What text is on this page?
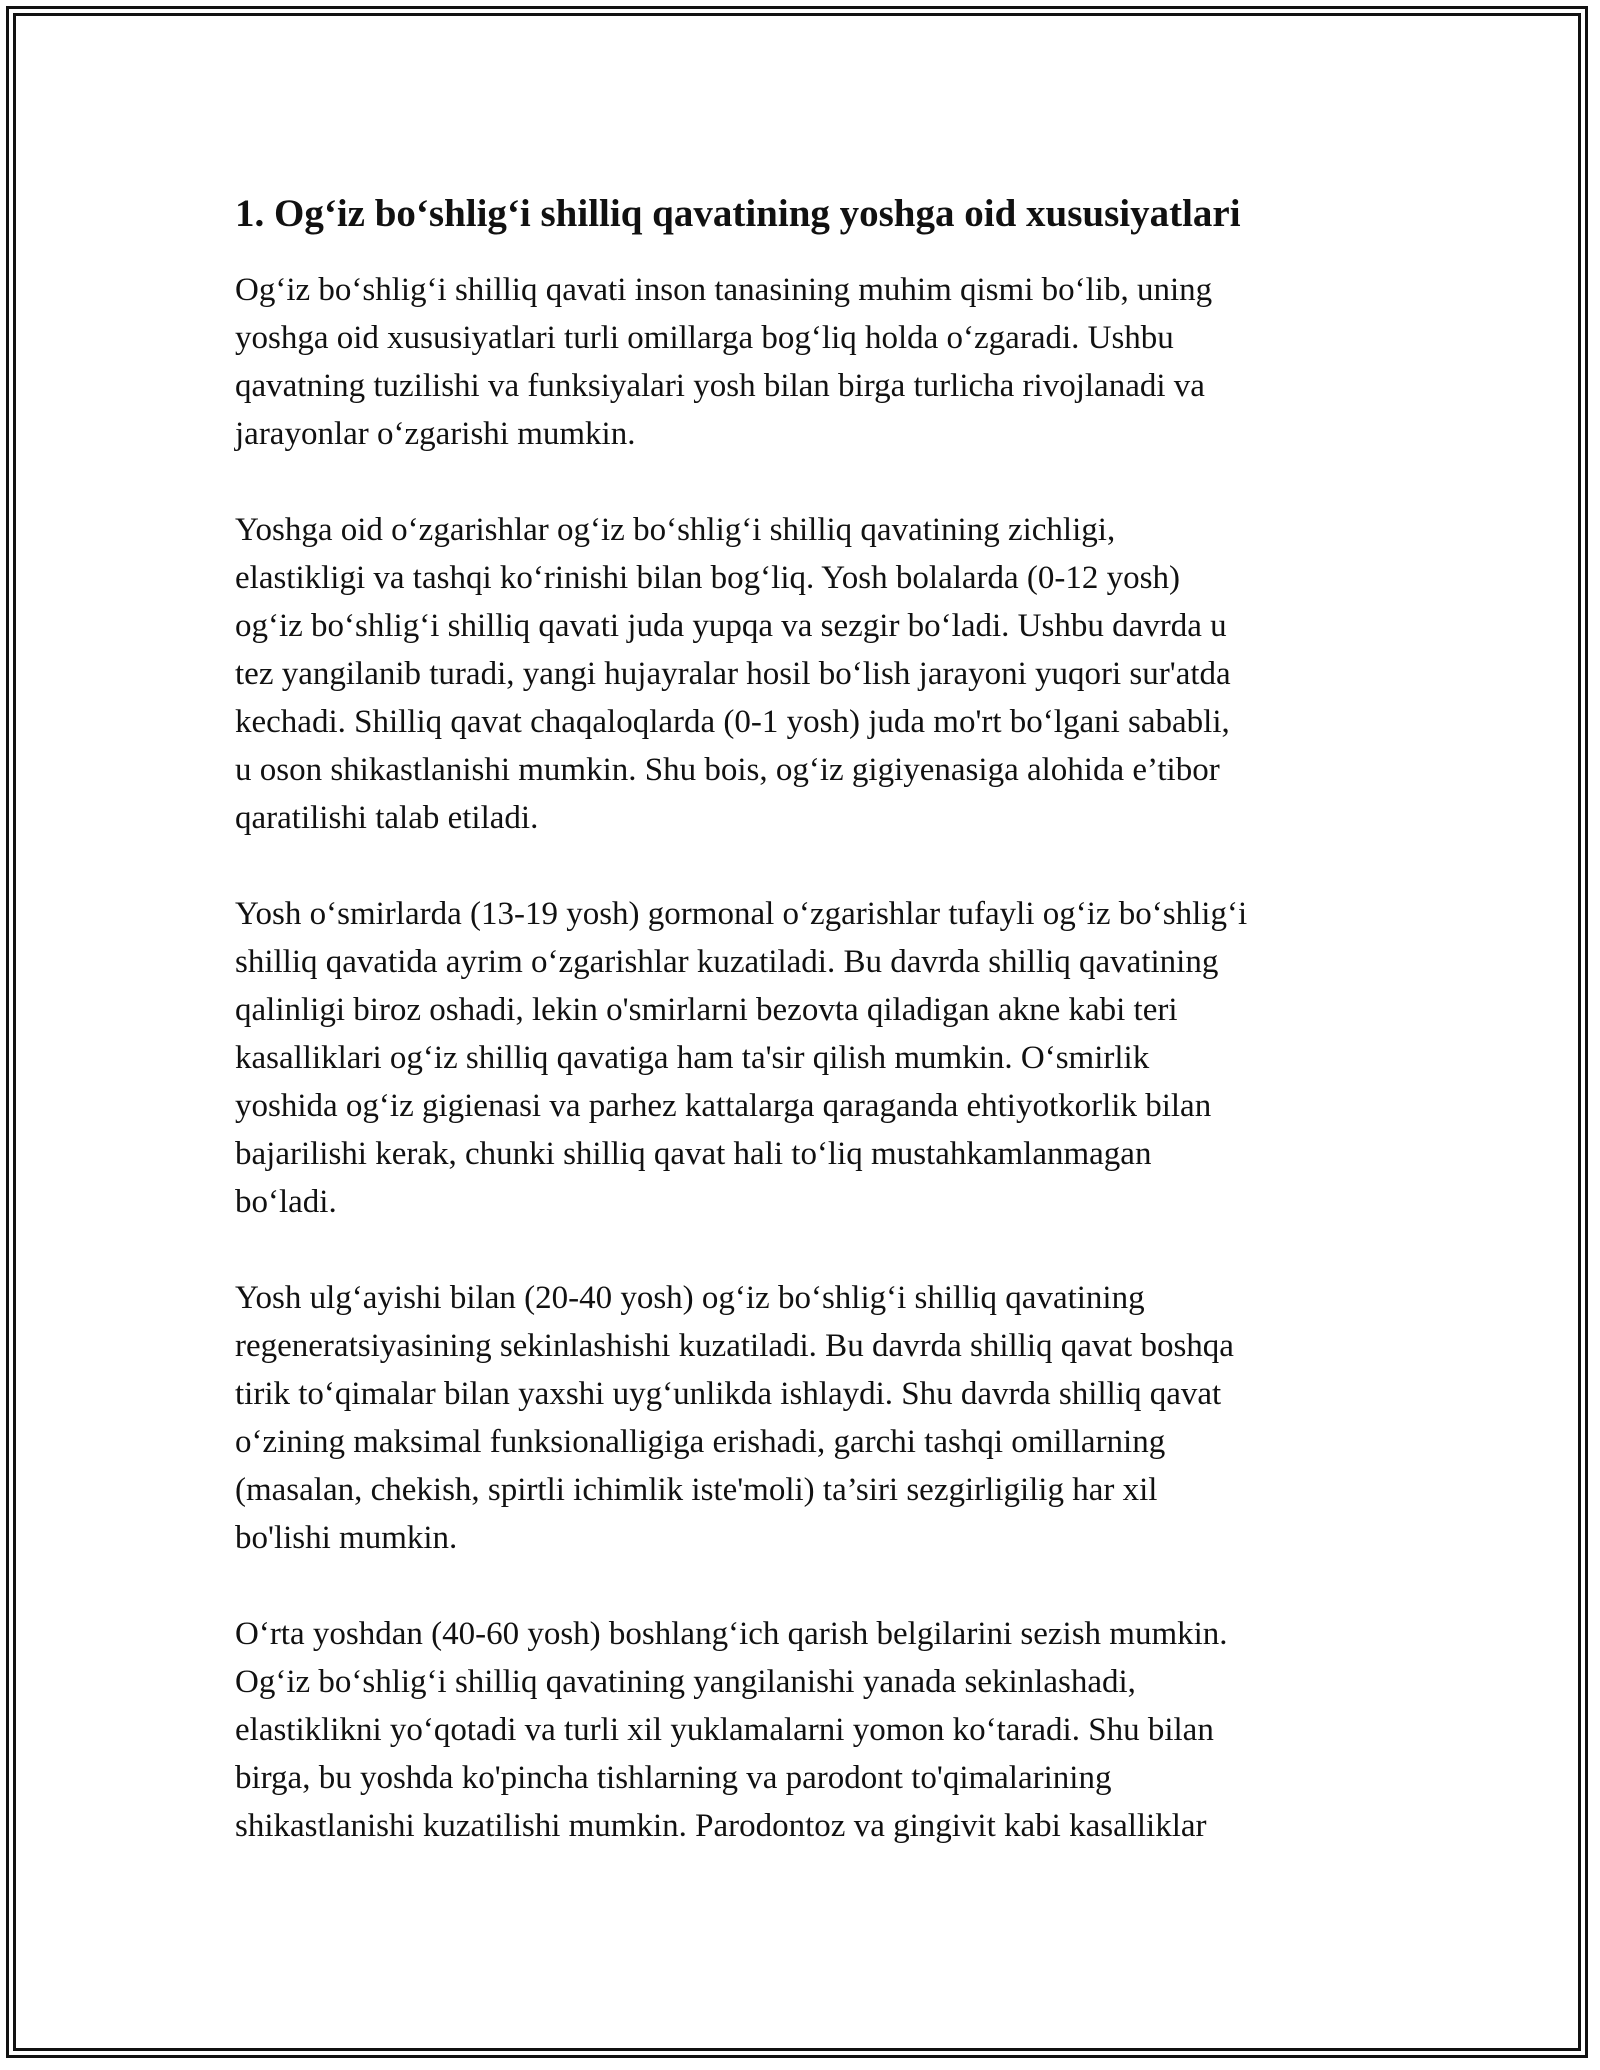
1. Og‘iz bo‘shlig‘i shilliq qavatining yoshga oid xususiyatlari

Og‘iz bo‘shlig‘i shilliq qavati inson tanasining muhim qismi bo‘lib, uning
yoshga oid xususiyatlari turli omillarga bog‘liq holda o‘zgaradi. Ushbu
qavatning tuzilishi va funksiyalari yosh bilan birga turlicha rivojlanadi va
jarayonlar o‘zgarishi mumkin.

Yoshga oid o‘zgarishlar og‘iz bo‘shlig‘i shilliq qavatining zichligi,
elastikligi va tashqi ko‘rinishi bilan bog‘liq. Yosh bolalarda (0-12 yosh)
og‘iz bo‘shlig‘i shilliq qavati juda yupqa va sezgir bo‘ladi. Ushbu davrda u
tez yangilanib turadi, yangi hujayralar hosil bo‘lish jarayoni yuqori sur'atda
kechadi. Shilliq qavat chaqaloqlarda (0-1 yosh) juda mo'rt bo‘lgani sababli,
u oson shikastlanishi mumkin. Shu bois, og‘iz gigiyenasiga alohida e’tibor
qaratilishi talab etiladi.

Yosh o‘smirlarda (13-19 yosh) gormonal o‘zgarishlar tufayli og‘iz bo‘shlig‘i
shilliq qavatida ayrim o‘zgarishlar kuzatiladi. Bu davrda shilliq qavatining
qalinligi biroz oshadi, lekin o'smirlarni bezovta qiladigan akne kabi teri
kasalliklari og‘iz shilliq qavatiga ham ta'sir qilish mumkin. O‘smirlik
yoshida og‘iz gigienasi va parhez kattalarga qaraganda ehtiyotkorlik bilan
bajarilishi kerak, chunki shilliq qavat hali to‘liq mustahkamlanmagan
bo‘ladi.

Yosh ulg‘ayishi bilan (20-40 yosh) og‘iz bo‘shlig‘i shilliq qavatining
regeneratsiyasining sekinlashishi kuzatiladi. Bu davrda shilliq qavat boshqa
tirik to‘qimalar bilan yaxshi uyg‘unlikda ishlaydi. Shu davrda shilliq qavat
o‘zining maksimal funksionalligiga erishadi, garchi tashqi omillarning
(masalan, chekish, spirtli ichimlik iste'moli) ta’siri sezgirligilig har xil
bo'lishi mumkin.

O‘rta yoshdan (40-60 yosh) boshlang‘ich qarish belgilarini sezish mumkin.
Og‘iz bo‘shlig‘i shilliq qavatining yangilanishi yanada sekinlashadi,
elastiklikni yo‘qotadi va turli xil yuklamalarni yomon ko‘taradi. Shu bilan
birga, bu yoshda ko'pincha tishlarning va parodont to'qimalarining
shikastlanishi kuzatilishi mumkin. Parodontoz va gingivit kabi kasalliklar
